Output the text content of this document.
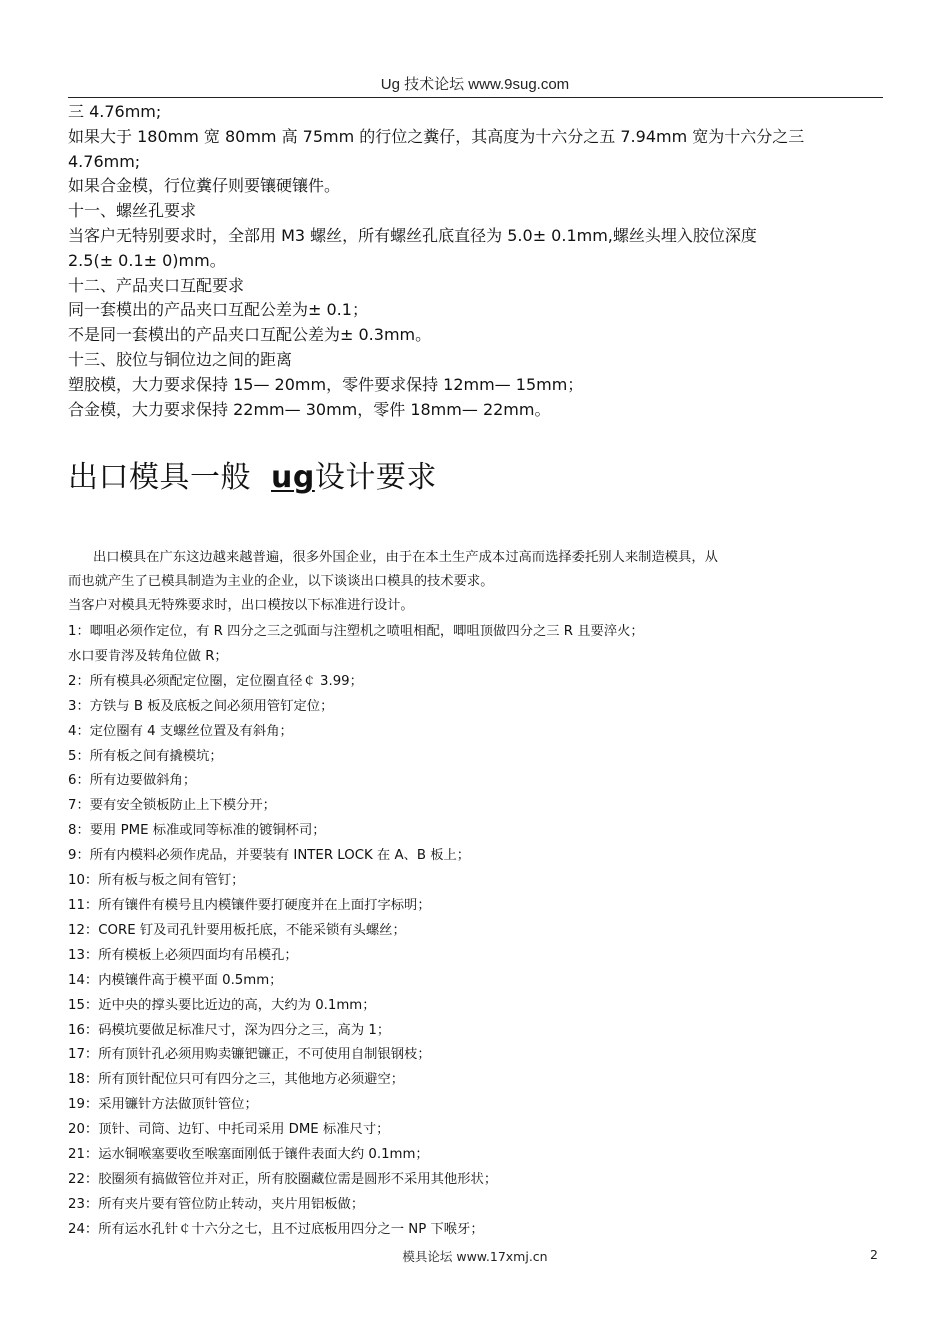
Ug 技术论坛 www.9sug.com
三 4.76mm;
如果大于 180mm 宽 80mm 高 75mm 的行位之糞仔，其高度为十六分之五 7.94mm 宽为十六分之三
4.76mm;
如果合金模，行位糞仔则要镶硬镶件。
十一、螺丝孔要求
当客户无特别要求时，全部用 M3 螺丝，所有螺丝孔底直径为 5.0± 0.1mm,螺丝头埋入胶位深度
2.5(± 0.1± 0)mm。
十二、产品夹口互配要求
同一套模出的产品夹口互配公差为± 0.1；
不是同一套模出的产品夹口互配公差为± 0.3mm。
十三、胶位与铜位边之间的距离
塑胶模，大力要求保持 15— 20mm，零件要求保持 12mm— 15mm；
合金模，大力要求保持 22mm— 30mm，零件 18mm— 22mm。
出口模具一般 ug设计要求
出口模具在广东这边越来越普遍，很多外国企业，由于在本土生产成本过高而选择委托别人来制造模具，从
而也就产生了已模具制造为主业的企业，以下谈谈出口模具的技术要求。
当客户对模具无特殊要求时，出口模按以下标准进行设计。
1：唧咀必须作定位，有 R 四分之三之弧面与注塑机之喷咀相配，唧咀顶做四分之三 R 且要淬火；
水口要肯涔及转角位做 R；
2：所有模具必须配定位圈，定位圈直径￠ 3.99；
3：方铁与 B 板及底板之间必须用管钉定位；
4：定位圈有 4 支螺丝位置及有斜角；
5：所有板之间有撬模坑；
6：所有边要做斜角；
7：要有安全锁板防止上下模分开；
8：要用 PME 标准或同等标准的镀铜杯司；
9：所有内模料必须作虎品，并要装有 INTER LOCK 在 A、B 板上；
10：所有板与板之间有管钉；
11：所有镶件有模号且内模镶件要打硬度并在上面打字标明；
12：CORE 钉及司孔针要用板托底，不能采锁有头螺丝；
13：所有模板上必须四面均有吊模孔；
14：内模镶件高于模平面 0.5mm；
15：近中央的撑头要比近边的高，大约为 0.1mm；
16：码模坑要做足标准尺寸，深为四分之三，高为 1；
17：所有顶针孔必须用购卖镰钯镰正，不可使用自制银钢枝；
18：所有顶针配位只可有四分之三，其他地方必须避空；
19：采用镰针方法做顶针管位；
20：顶针、司筒、边钉、中托司采用 DME 标准尺寸；
21：运水铜喉塞要收至喉塞面刚低于镶件表面大约 0.1mm；
22：胶圈须有搞做管位并对正，所有胶圈藏位需是圆形不采用其他形状；
23：所有夹片要有管位防止转动，夹片用铝板做；
24：所有运水孔针￠十六分之七，且不过底板用四分之一 NP 下喉牙；
模具论坛 www.17xmj.cn	2
